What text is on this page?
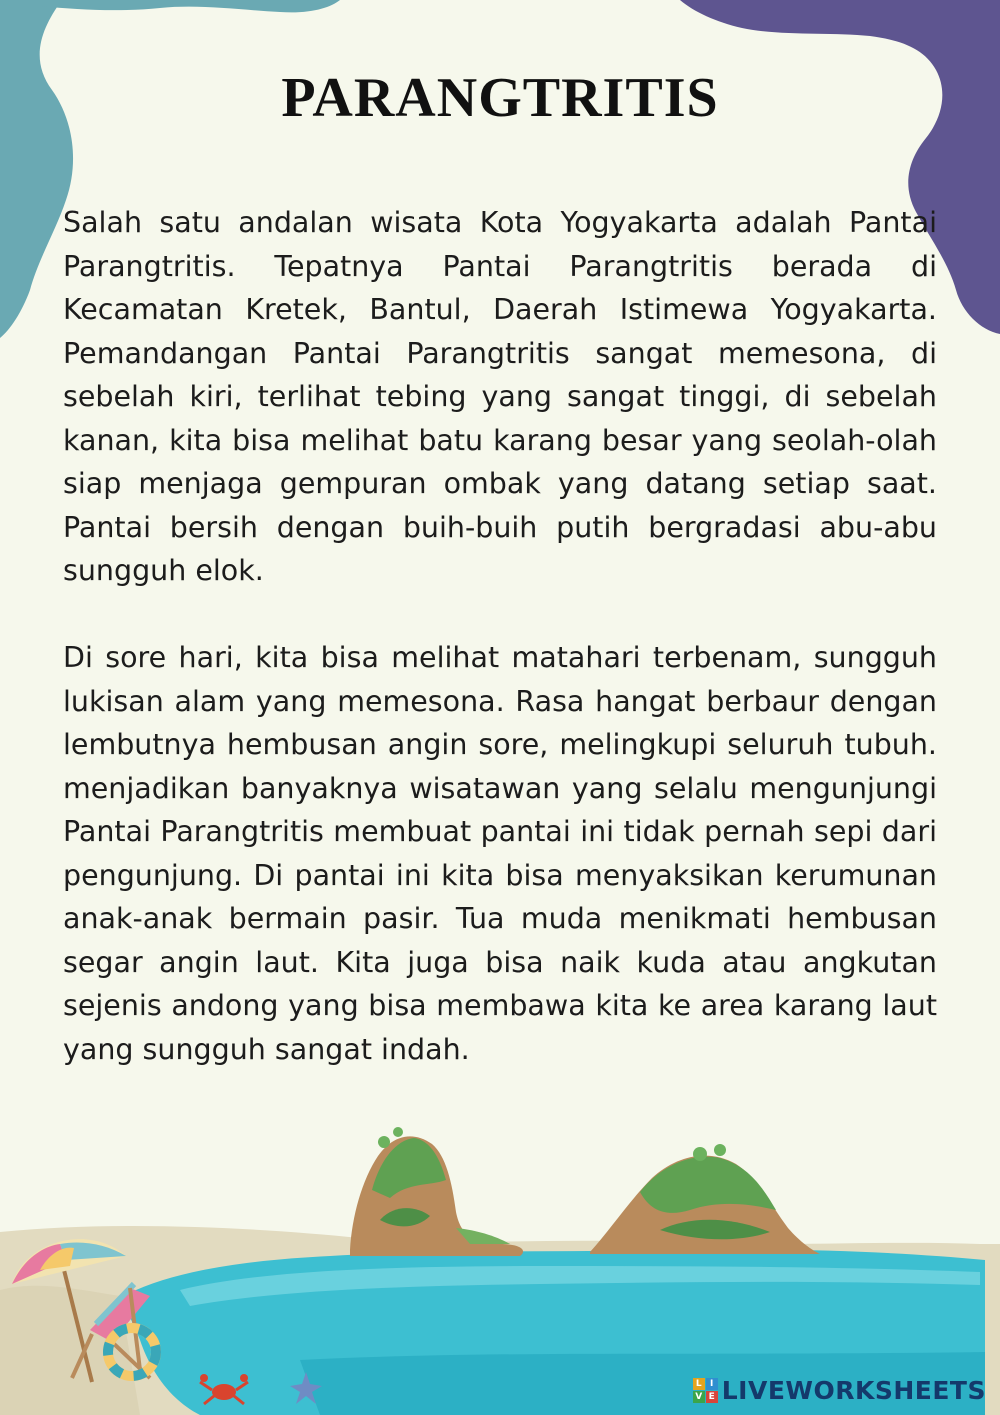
PARANGTRITIS

Salah satu andalan wisata Kota Yogyakarta adalah Pantai Parangtritis. Tepatnya Pantai Parangtritis berada di Kecamatan Kretek, Bantul, Daerah Istimewa Yogyakarta. Pemandangan Pantai Parangtritis sangat memesona, di sebelah kiri, terlihat tebing yang sangat tinggi, di sebelah kanan, kita bisa melihat batu karang besar yang seolah-olah siap menjaga gempuran ombak yang datang setiap saat. Pantai bersih dengan buih-buih putih bergradasi abu-abu sungguh elok.

Di sore hari, kita bisa melihat matahari terbenam, sungguh lukisan alam yang memesona. Rasa hangat berbaur dengan lembutnya hembusan angin sore, melingkupi seluruh tubuh. menjadikan banyaknya wisatawan yang selalu mengunjungi Pantai Parangtritis membuat pantai ini tidak pernah sepi dari pengunjung. Di pantai ini kita bisa menyaksikan kerumunan anak-anak bermain pasir. Tua muda menikmati hembusan segar angin laut. Kita juga bisa naik kuda atau angkutan sejenis andong yang bisa membawa kita ke area karang laut yang sungguh sangat indah.

L I
V E LIVEWORKSHEETS
